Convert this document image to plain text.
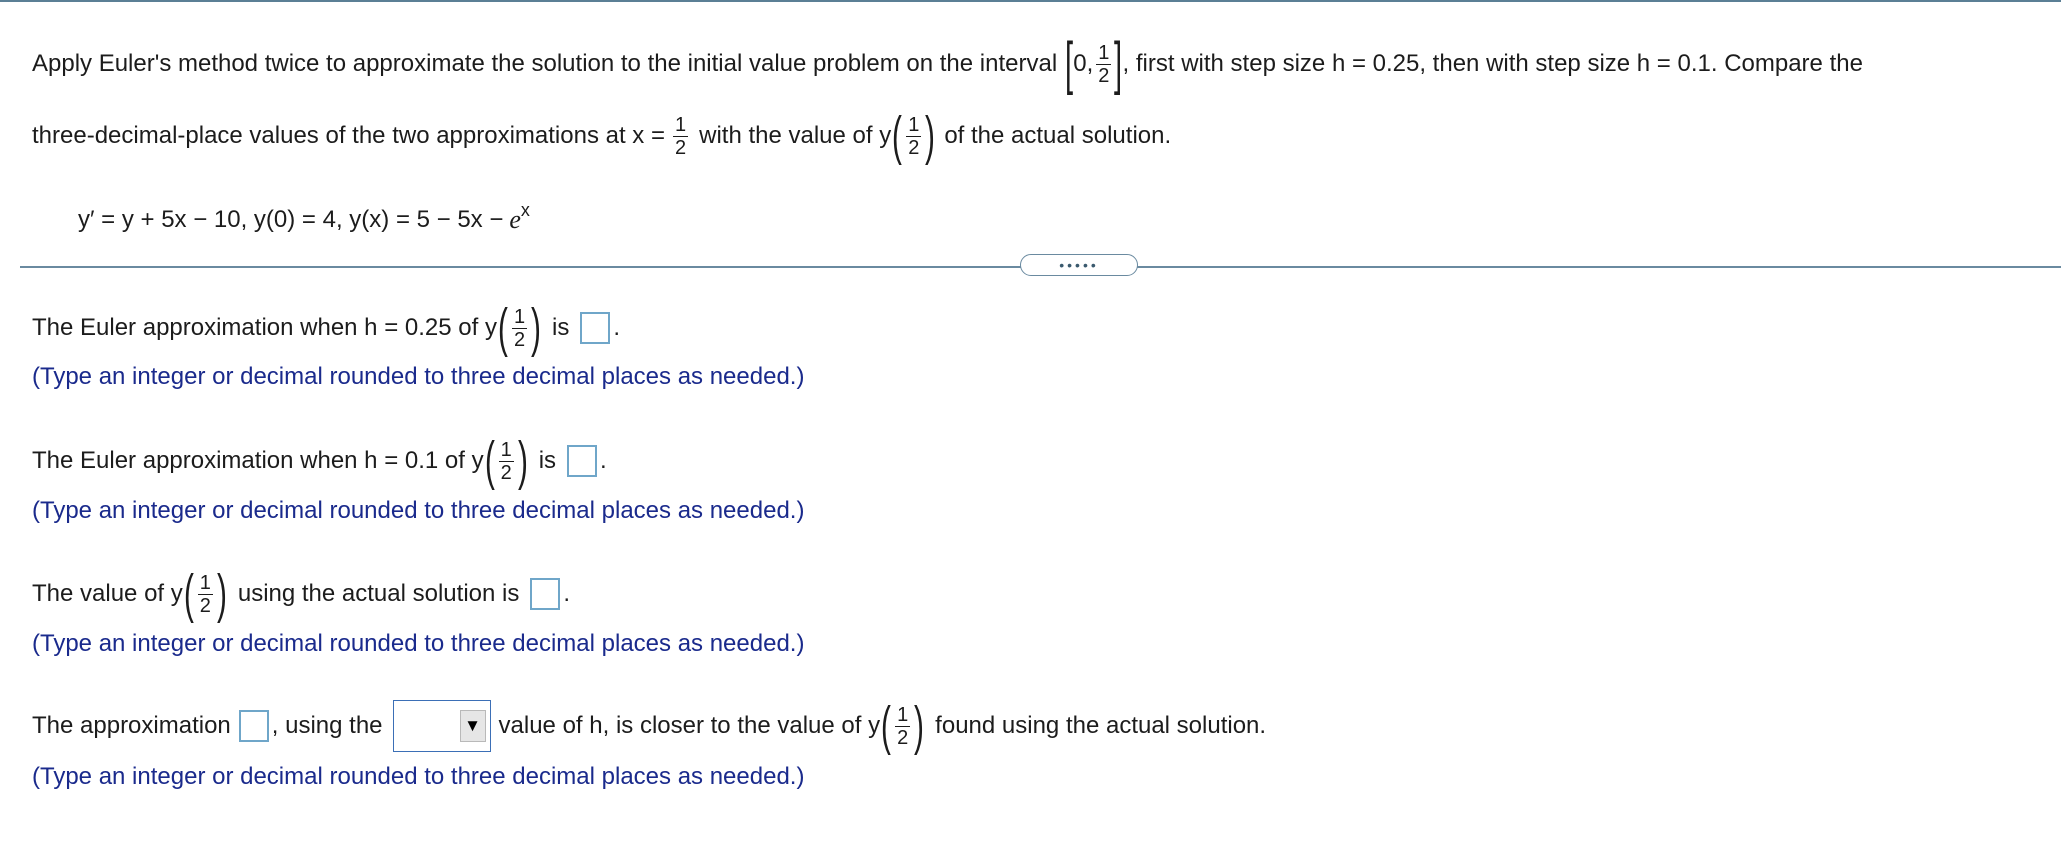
Apply Euler's method twice to approximate the solution to the initial value problem on the interval [ 0, $\frac{1}{2}$ ] , first with step size h = 0.25, then with step size h = 0.1. Compare the
three-decimal-place values of the two approximations at $x = \frac{1}{2}$ with the value of y ( $\frac{1}{2}$ ) of the actual solution.
y′ = y + 5x − 10, y(0) = 4, y(x) = 5 − 5x − e x
•••••
The Euler approximation when h = 0.25 of y ( $\frac{1}{2}$ ) is .
(Type an integer or decimal rounded to three decimal places as needed.)
The Euler approximation when h = 0.1 of y ( $\frac{1}{2}$ ) is .
(Type an integer or decimal rounded to three decimal places as needed.)
The value of y ( $\frac{1}{2}$ ) using the actual solution is .
(Type an integer or decimal rounded to three decimal places as needed.)
The approximation , using the	▼ value of h, is closer to the value of y ( $\frac{1}{2}$ ) found using the actual solution.
(Type an integer or decimal rounded to three decimal places as needed.)
